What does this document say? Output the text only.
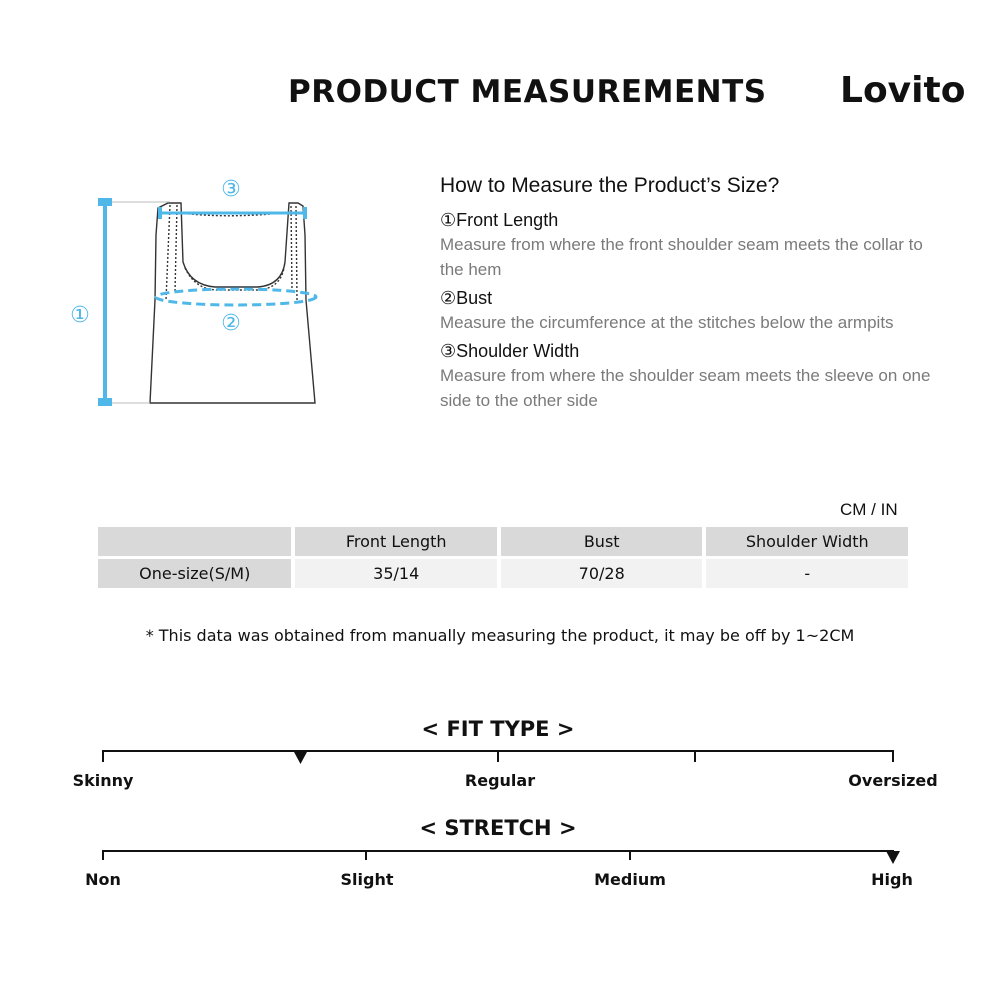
PRODUCT MEASUREMENTS Lovito
①	②
③	How to Measure the Product’s Size?
①Front Length
Measure from where the front shoulder seam meets the collar to the hem
②Bust
Measure the circumference at the stitches below the armpits
③Shoulder Width
Measure from where the shoulder seam meets the sleeve on one side to the other side
CM / IN
	Front Length	Bust	Shoulder Width
One-size(S/M)	35/14	70/28	-
* This data was obtained from manually measuring the product, it may be off by 1~2CM
< FIT TYPE >
Skinny	Regular	Oversized
< STRETCH >
Non	Slight	Medium	High
